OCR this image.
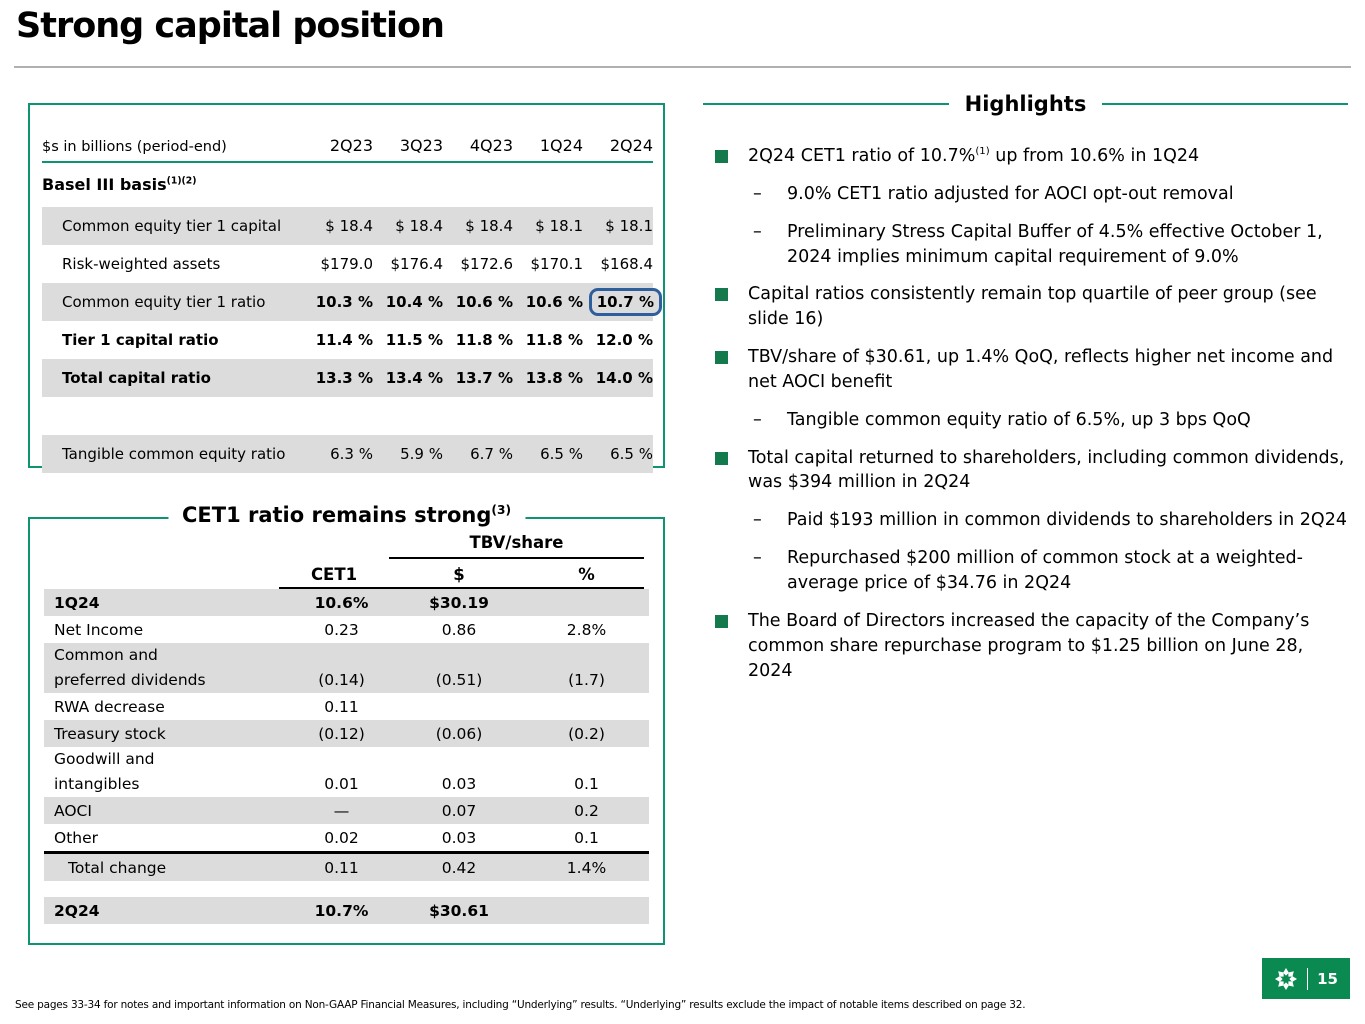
Strong capital position
$s in billions (period-end)	2Q23	3Q23	4Q23	1Q24	2Q24
Basel III basis$^{(1)(2)}$
Common equity tier 1 capital	$ 18.4	$ 18.4	$ 18.4	$ 18.1	$ 18.1
Risk-weighted assets	$179.0	$176.4	$172.6	$170.1	$168.4
Common equity tier 1 ratio	10.3 % 10.4 % 10.6 % 10.6 % 10.7 %
Tier 1 capital ratio	11.4 % 11.5 % 11.8 % 11.8 % 12.0 %
Total capital ratio	13.3 % 13.4 % 13.7 % 13.8 % 14.0 %
Tangible common equity ratio	6.3 %	5.9 %	6.7 %	6.5 %	6.5 %
CET1 ratio remains strong$^{(3)}$
TBV/share
CET1	$	%
1Q24	10.6%	$30.19
Net Income	0.23	0.86	2.8%
Common and preferred dividends	(0.14)	(0.51)	(1.7)
RWA decrease	0.11
Treasury stock	(0.12)	(0.06)	(0.2)
Goodwill and intangibles	0.01	0.03	0.1
AOCI	—	0.07	0.2
Other	0.02	0.03	0.1
Total change	0.11	0.42	1.4%
2Q24	10.7%	$30.61
Highlights
2Q24 CET1 ratio of 10.7%$^{(1)}$ up from 10.6% in 1Q24
–	9.0% CET1 ratio adjusted for AOCI opt-out removal
–	Preliminary Stress Capital Buffer of 4.5% effective October 1, 2024 implies minimum capital requirement of 9.0%
Capital ratios consistently remain top quartile of peer group (see slide 16)
TBV/share of $30.61, up 1.4% QoQ, reflects higher net income and net AOCI benefit
–	Tangible common equity ratio of 6.5%, up 3 bps QoQ
Total capital returned to shareholders, including common dividends, was $394 million in 2Q24
–	Paid $193 million in common dividends to shareholders in 2Q24
–	Repurchased $200 million of common stock at a weighted-average price of $34.76 in 2Q24
The Board of Directors increased the capacity of the Company’s common share repurchase program to $1.25 billion on June 28, 2024
See pages 33-34 for notes and important information on Non-GAAP Financial Measures, including “Underlying” results. “Underlying” results exclude the impact of notable items described on page 32.
15
